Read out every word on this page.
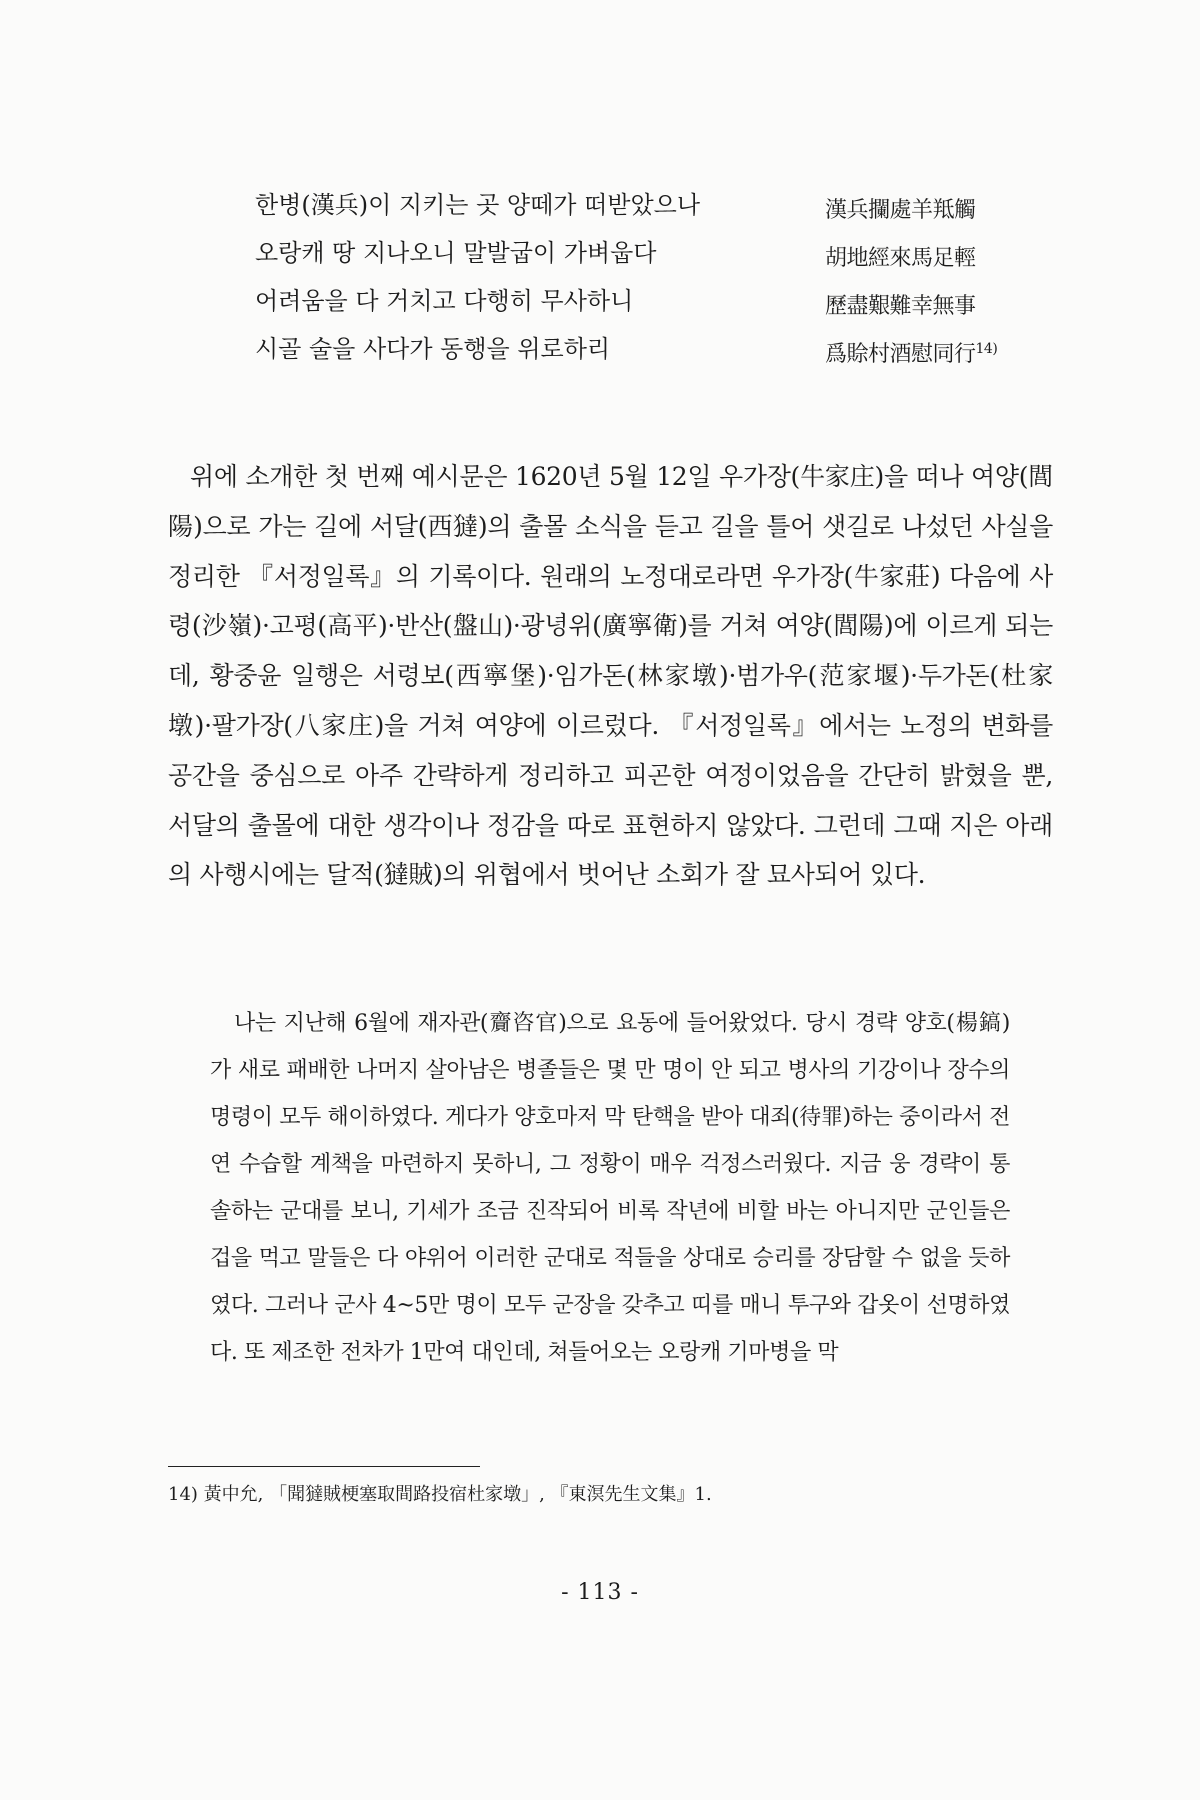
한병(漢兵)이 지키는 곳 양떼가 떠받았으나	漢兵攔處羊羝觸
오랑캐 땅 지나오니 말발굽이 가벼웁다	胡地經來馬足輕
어려움을 다 거치고 다행히 무사하니	歷盡艱難幸無事
시골 술을 사다가 동행을 위로하리	爲賒村酒慰同行$^{14)}$

위에 소개한 첫 번째 예시문은 1620년 5월 12일 우가장(牛家庄)을 떠나 여양(閭陽)으로 가는 길에 서달(西㺚)의 출몰 소식을 듣고 길을 틀어 샛길로 나섰던 사실을 정리한 『서정일록』의 기록이다. 원래의 노정대로라면 우가장(牛家莊) 다음에 사령(沙嶺)·고평(高平)·반산(盤山)·광녕위(廣寧衛)를 거쳐 여양(閭陽)에 이르게 되는데, 황중윤 일행은 서령보(西寧堡)·임가돈(林家墩)·범가우(范家堰)·두가돈(杜家墩)·팔가장(八家庄)을 거쳐 여양에 이르렀다. 『서정일록』에서는 노정의 변화를 공간을 중심으로 아주 간략하게 정리하고 피곤한 여정이었음을 간단히 밝혔을 뿐, 서달의 출몰에 대한 생각이나 정감을 따로 표현하지 않았다. 그런데 그때 지은 아래의 사행시에는 달적(㺚賊)의 위협에서 벗어난 소회가 잘 묘사되어 있다.

나는 지난해 6월에 재자관(齎咨官)으로 요동에 들어왔었다. 당시 경략 양호(楊鎬)가 새로 패배한 나머지 살아남은 병졸들은 몇 만 명이 안 되고 병사의 기강이나 장수의 명령이 모두 해이하였다. 게다가 양호마저 막 탄핵을 받아 대죄(待罪)하는 중이라서 전연 수습할 계책을 마련하지 못하니, 그 정황이 매우 걱정스러웠다. 지금 웅 경략이 통솔하는 군대를 보니, 기세가 조금 진작되어 비록 작년에 비할 바는 아니지만 군인들은 겁을 먹고 말들은 다 야위어 이러한 군대로 적들을 상대로 승리를 장담할 수 없을 듯하였다. 그러나 군사 4~5만 명이 모두 군장을 갖추고 띠를 매니 투구와 갑옷이 선명하였다. 또 제조한 전차가 1만여 대인데, 쳐들어오는 오랑캐 기마병을 막

14) 黃中允, 「聞㺚賊梗塞取間路投宿杜家墩」, 『東溟先生文集』1.
- 113 -
